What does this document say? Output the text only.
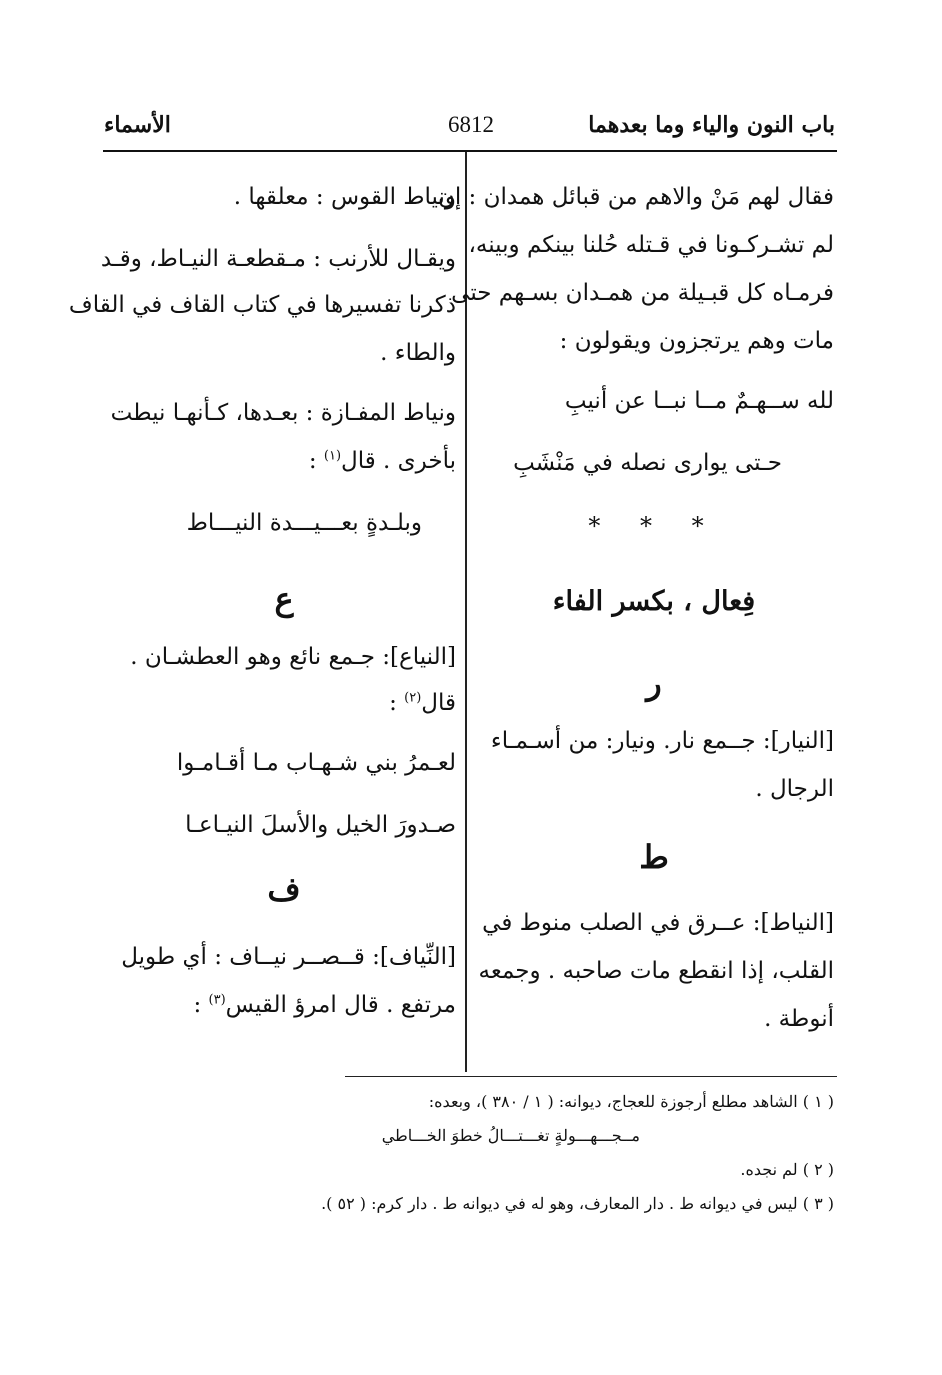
باب النون والياء وما بعدهما
6812
الأسماء
فقال لهم مَنْ والاهم من قبائل همدان : إن
لم تشـركـونا في قـتله حُلنا بينكم وبينه،
فرمـاه كل قبـيلة من همـدان بسـهم حتى
مات وهم يرتجزون ويقولون :
لله ســهـمٌ مــا نبــا عن أنيبِ
حـتى يوارى نصله في مَنْشَبِ
* * *
فِعال ، بكسر الفاء
ر
[النيار]: جــمع نار. ونيار: من أسـمـاء
الرجال .
ط
[النياط]: عــرق في الصلب منوط في
القلب، إذا انقطع مات صاحبه . وجمعه
أنوطة .
ونياط القوس : معلقها .
ويقـال للأرنب : مـقطعـة النيـاط، وقـد
ذكرنا تفسيرها في كتاب القاف في القاف
والطاء .
ونياط المفـازة : بعـدها، كـأنهـا نيطت
بأخرى . قال$^{(١)}$ :
وبلـدةٍ بعـــيـــدة النيـــاط
ع
[النياع]: جـمع نائع وهو العطشـان .
قال$^{(٢)}$ :
لعـمرُ بني شـهـاب مـا أقـامـوا
صـدورَ الخيل والأسلَ النيـاعـا
ف
[النِّياف]: قــصــر نيــاف : أي طويل
مرتفع . قال امرؤ القيس$^{(٣)}$ :
( ١ ) الشاهد مطلع أرجوزة للعجاج، ديوانه: ( ١ / ٣٨٠ )، وبعده:
مــجـــهـــولةٍ تغـــتـــالُ خطوَ الخـــاطي
( ٢ ) لم نجده.
( ٣ ) ليس في ديوانه ط . دار المعارف، وهو له في ديوانه ط . دار كرم: ( ٥٢ ).
